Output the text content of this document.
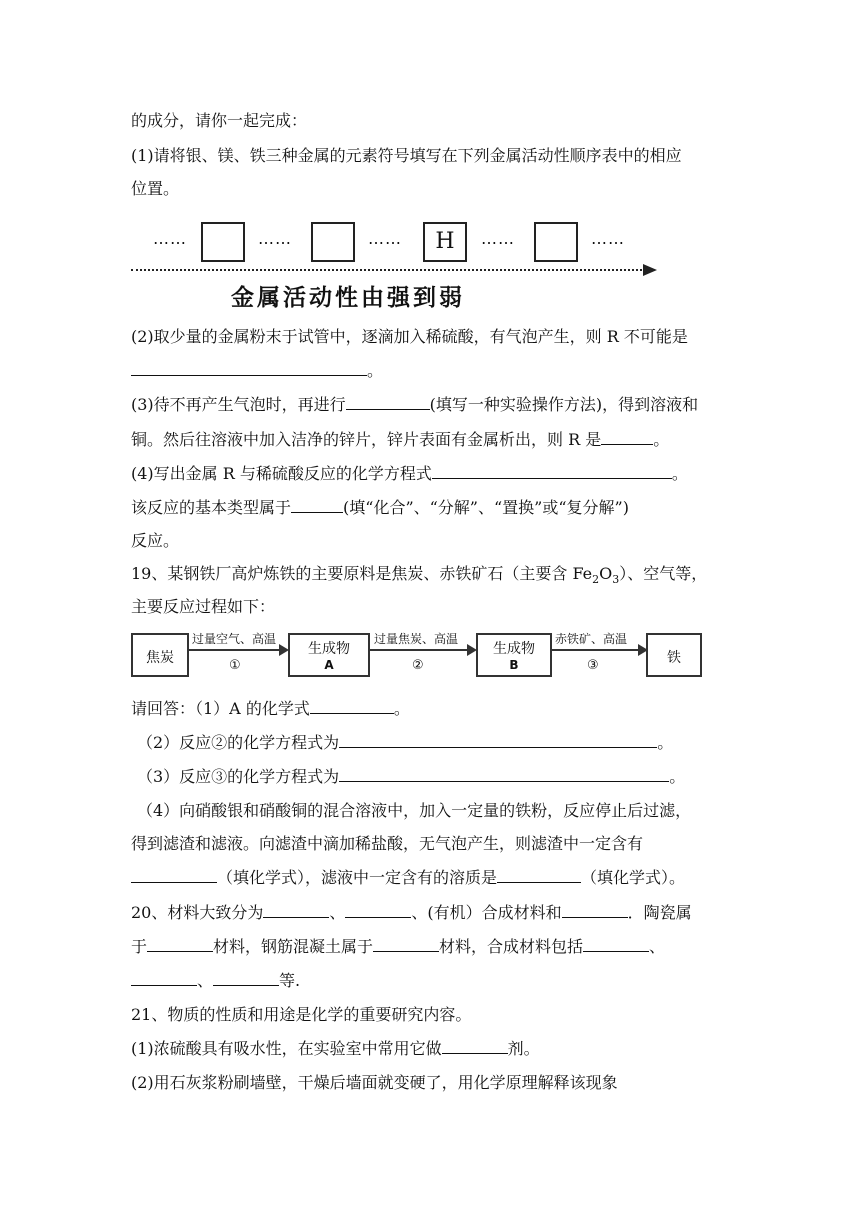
的成分，请你一起完成：
(1)请将银、镁、铁三种金属的元素符号填写在下列金属活动性顺序表中的相应
位置。
……	……	……	H	……	……
金属活动性由强到弱
(2)取少量的金属粉末于试管中，逐滴加入稀硫酸，有气泡产生，则 R 不可能是
。
(3)待不再产生气泡时，再进行	(填写一种实验操作方法)，得到溶液和
铜。然后往溶液中加入洁净的锌片，锌片表面有金属析出，则 R 是	。
(4)写出金属 R 与稀硫酸反应的化学方程式	。
该反应的基本类型属于	(填“化合”、“分解”、“置换”或“复分解”)
反应。
19、某钢铁厂高炉炼铁的主要原料是焦炭、赤铁矿石（主要含 $Fe_2O_3$）、空气等，
主要反应过程如下：
焦炭
过量空气、高温
①
生成物
A
过量焦炭、高温
②
生成物
B
赤铁矿、高温
③	铁
请回答：（1）A 的化学式	。
（2）反应②的化学方程式为	。
（3）反应③的化学方程式为	。
（4）向硝酸银和硝酸铜的混合溶液中，加入一定量的铁粉，反应停止后过滤，
得到滤渣和滤液。向滤渣中滴加稀盐酸，无气泡产生，则滤渣中一定含有
（填化学式），滤液中一定含有的溶质是	（填化学式）。
20、材料大致分为	、	、(有机）合成材料和	．陶瓷属
于	材料，钢筋混凝土属于	材料，合成材料包括	、
、	等.
21、物质的性质和用途是化学的重要研究内容。
(1)浓硫酸具有吸水性，在实验室中常用它做	剂。
(2)用石灰浆粉刷墙壁，干燥后墙面就变硬了，用化学原理解释该现象
